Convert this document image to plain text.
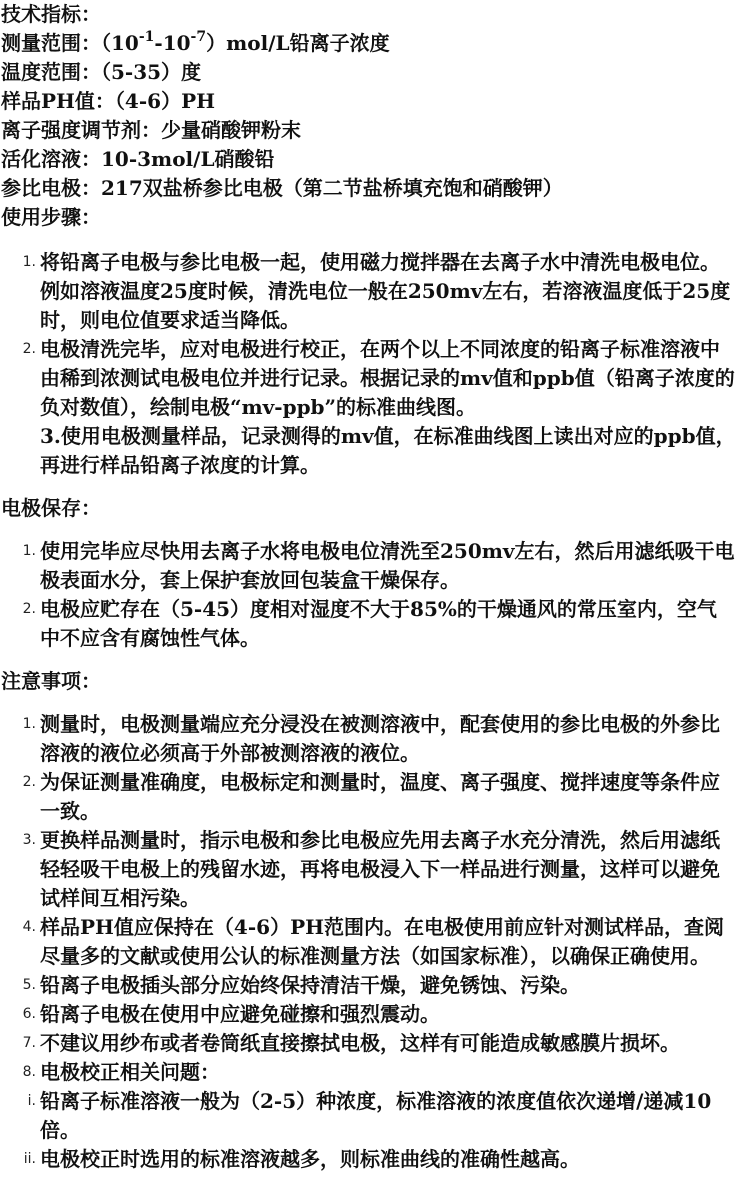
技术指标：
测量范围：$(10^{-1}-10^{-7})mol/L$铅离子浓度
温度范围：（5-35）度
样品PH值：（4-6）PH
离子强度调节剂：少量硝酸钾粉末
活化溶液：10-3mol/L硝酸铅
参比电极：217双盐桥参比电极（第二节盐桥填充饱和硝酸钾）
使用步骤：
1. 将铅离子电极与参比电极一起，使用磁力搅拌器在去离子水中清洗电极电位。例如溶液温度25度时候，清洗电位一般在250mv左右，若溶液温度低于25度时，则电位值要求适当降低。
2. 电极清洗完毕，应对电极进行校正，在两个以上不同浓度的铅离子标准溶液中由稀到浓测试电极电位并进行记录。根据记录的mv值和ppb值（铅离子浓度的负对数值），绘制电极“mv-ppb”的标准曲线图。
3.使用电极测量样品，记录测得的mv值，在标准曲线图上读出对应的ppb值，再进行样品铅离子浓度的计算。
电极保存：
1. 使用完毕应尽快用去离子水将电极电位清洗至250mv左右，然后用滤纸吸干电极表面水分，套上保护套放回包装盒干燥保存。
2. 电极应贮存在（5-45）度相对湿度不大于85%的干燥通风的常压室内，空气中不应含有腐蚀性气体。
注意事项：
1. 测量时，电极测量端应充分浸没在被测溶液中，配套使用的参比电极的外参比溶液的液位必须高于外部被测溶液的液位。
2. 为保证测量准确度，电极标定和测量时，温度、离子强度、搅拌速度等条件应一致。
3. 更换样品测量时，指示电极和参比电极应先用去离子水充分清洗，然后用滤纸轻轻吸干电极上的残留水迹，再将电极浸入下一样品进行测量，这样可以避免试样间互相污染。
4. 样品PH值应保持在（4-6）PH范围内。在电极使用前应针对测试样品，查阅尽量多的文献或使用公认的标准测量方法（如国家标准），以确保正确使用。
5. 铅离子电极插头部分应始终保持清洁干燥，避免锈蚀、污染。
6. 铅离子电极在使用中应避免碰擦和强烈震动。
7. 不建议用纱布或者卷筒纸直接擦拭电极，这样有可能造成敏感膜片损坏。
8. 电极校正相关问题：
i. 铅离子标准溶液一般为（2-5）种浓度，标准溶液的浓度值依次递增/递减10倍。
ii. 电极校正时选用的标准溶液越多，则标准曲线的准确性越高。
